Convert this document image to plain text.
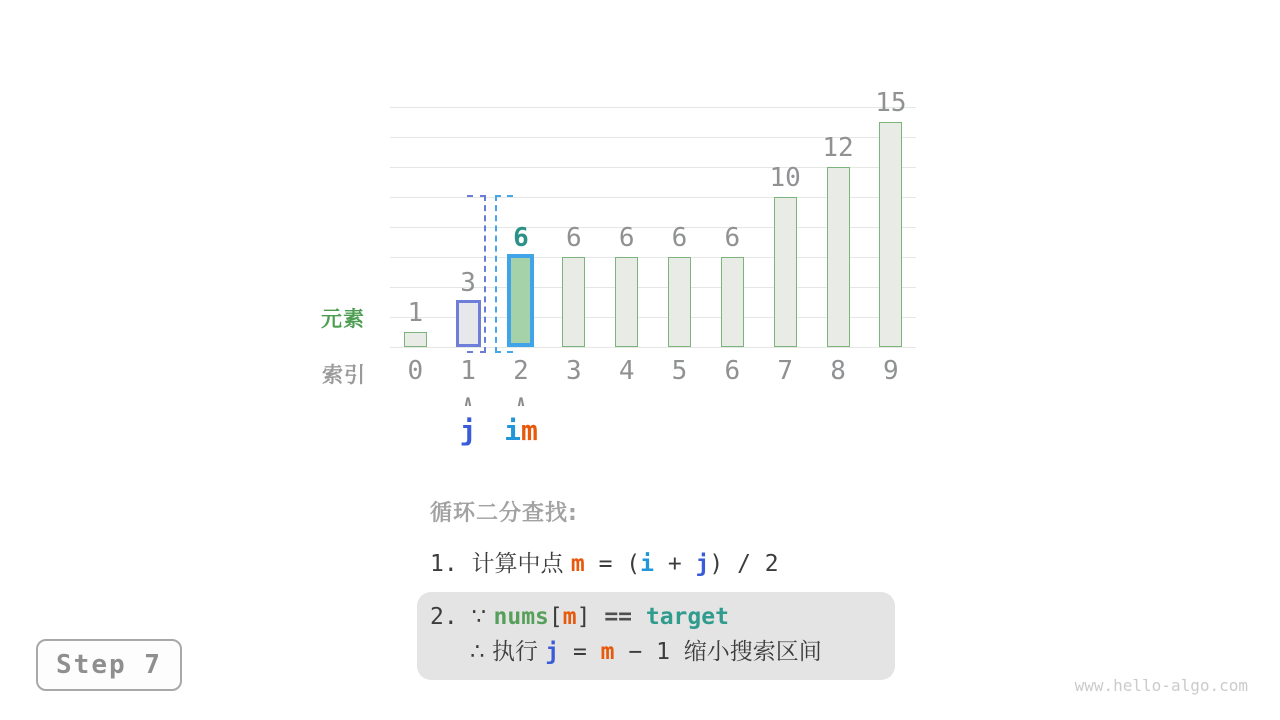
1
0
3
1
6
2
6
3
6
4
6
5
6
6
10
7
12
8
15
9
元素
索引
∧	∧
j im
循环二分查找:
1. 计算中点 m = (i + j) / 2
2. ∵ nums[m] == target
∴ 执行 j = m − 1 缩小搜索区间
Step 7
www.hello-algo.com
